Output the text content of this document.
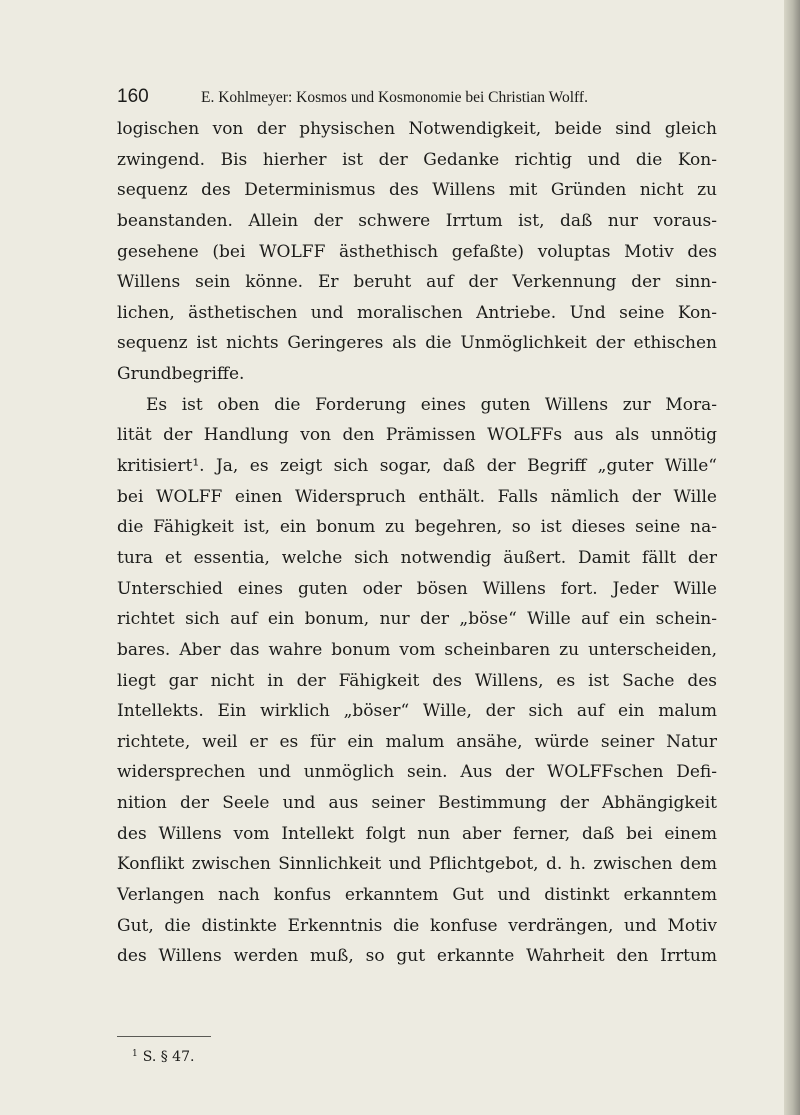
160	E. Kohlmeyer: Kosmos und Kosmonomie bei Christian Wolff.
logischen von der physischen Notwendigkeit, beide sind gleich
zwingend. Bis hierher ist der Gedanke richtig und die Kon-
sequenz des Determinismus des Willens mit Gründen nicht zu
beanstanden. Allein der schwere Irrtum ist, daß nur voraus-
gesehene (bei WOLFF ästhethisch gefaßte) voluptas Motiv des
Willens sein könne. Er beruht auf der Verkennung der sinn-
lichen, ästhetischen und moralischen Antriebe. Und seine Kon-
sequenz ist nichts Geringeres als die Unmöglichkeit der ethischen
Grundbegriffe.
Es ist oben die Forderung eines guten Willens zur Mora-
lität der Handlung von den Prämissen WOLFFs aus als unnötig
kritisiert¹. Ja, es zeigt sich sogar, daß der Begriff „guter Wille“
bei WOLFF einen Widerspruch enthält. Falls nämlich der Wille
die Fähigkeit ist, ein bonum zu begehren, so ist dieses seine na-
tura et essentia, welche sich notwendig äußert. Damit fällt der
Unterschied eines guten oder bösen Willens fort. Jeder Wille
richtet sich auf ein bonum, nur der „böse“ Wille auf ein schein-
bares. Aber das wahre bonum vom scheinbaren zu unterscheiden,
liegt gar nicht in der Fähigkeit des Willens, es ist Sache des
Intellekts. Ein wirklich „böser“ Wille, der sich auf ein malum
richtete, weil er es für ein malum ansähe, würde seiner Natur
widersprechen und unmöglich sein. Aus der WOLFFschen Defi-
nition der Seele und aus seiner Bestimmung der Abhängigkeit
des Willens vom Intellekt folgt nun aber ferner, daß bei einem
Konflikt zwischen Sinnlichkeit und Pflichtgebot, d. h. zwischen dem
Verlangen nach konfus erkanntem Gut und distinkt erkanntem
Gut, die distinkte Erkenntnis die konfuse verdrängen, und Motiv
des Willens werden muß, so gut erkannte Wahrheit den Irrtum
$^1$ S. § 47.
